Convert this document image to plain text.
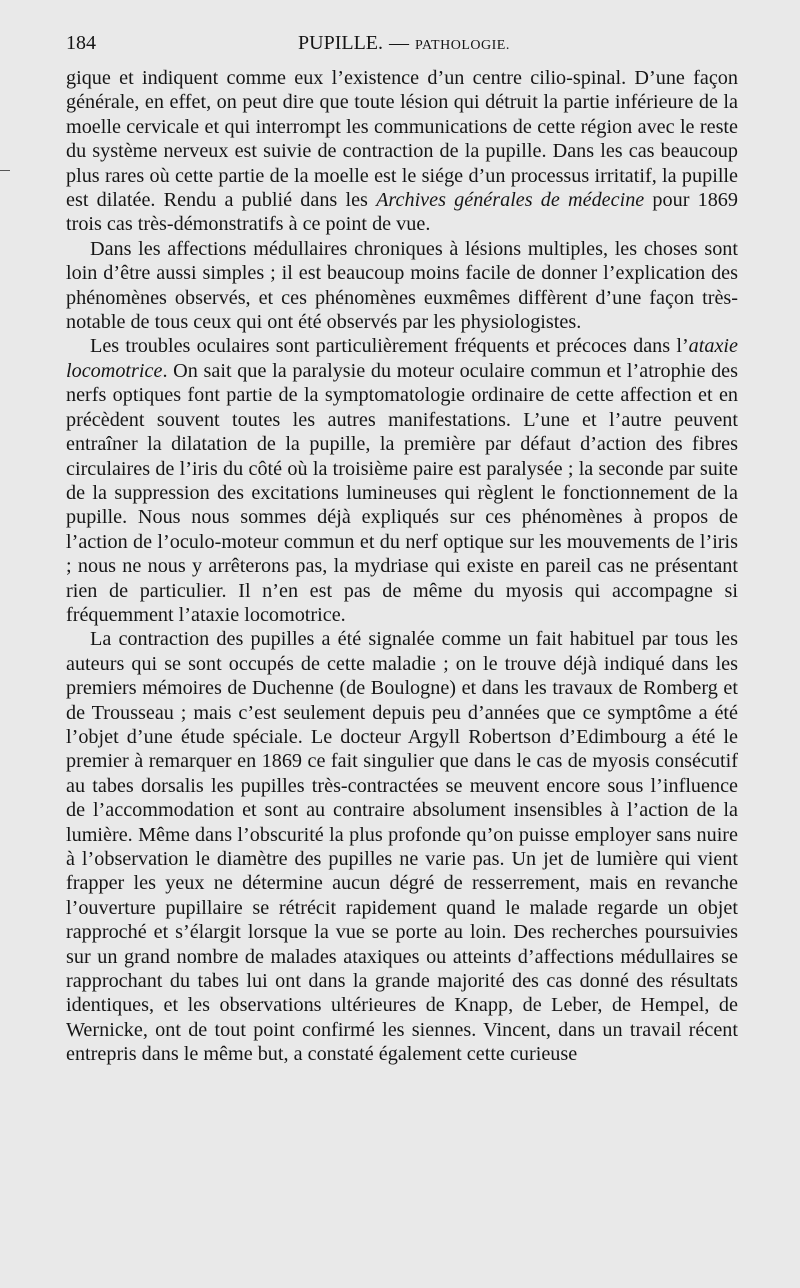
184	PUPILLE. — PATHOLOGIE.

gique et indiquent comme eux l’existence d’un centre cilio-spinal. D’une façon générale, en effet, on peut dire que toute lésion qui détruit la partie inférieure de la moelle cervicale et qui interrompt les communications de cette région avec le reste du système nerveux est suivie de contraction de la pupille. Dans les cas beaucoup plus rares où cette partie de la moelle est le siége d’un processus irritatif, la pupille est dilatée. Rendu a publié dans les Archives générales de médecine pour 1869 trois cas très-démonstratifs à ce point de vue.

Dans les affections médullaires chroniques à lésions multiples, les choses sont loin d’être aussi simples ; il est beaucoup moins facile de donner l’explication des phénomènes observés, et ces phénomènes euxmêmes diffèrent d’une façon très-notable de tous ceux qui ont été observés par les physiologistes.

Les troubles oculaires sont particulièrement fréquents et précoces dans l’ataxie locomotrice. On sait que la paralysie du moteur oculaire commun et l’atrophie des nerfs optiques font partie de la symptomatologie ordinaire de cette affection et en précèdent souvent toutes les autres manifestations. L’une et l’autre peuvent entraîner la dilatation de la pupille, la première par défaut d’action des fibres circulaires de l’iris du côté où la troisième paire est paralysée ; la seconde par suite de la suppression des excitations lumineuses qui règlent le fonctionnement de la pupille. Nous nous sommes déjà expliqués sur ces phénomènes à propos de l’action de l’oculo-moteur commun et du nerf optique sur les mouvements de l’iris ; nous ne nous y arrêterons pas, la mydriase qui existe en pareil cas ne présentant rien de particulier. Il n’en est pas de même du myosis qui accompagne si fréquemment l’ataxie locomotrice.

La contraction des pupilles a été signalée comme un fait habituel par tous les auteurs qui se sont occupés de cette maladie ; on le trouve déjà indiqué dans les premiers mémoires de Duchenne (de Boulogne) et dans les travaux de Romberg et de Trousseau ; mais c’est seulement depuis peu d’années que ce symptôme a été l’objet d’une étude spéciale. Le docteur Argyll Robertson d’Edimbourg a été le premier à remarquer en 1869 ce fait singulier que dans le cas de myosis consécutif au tabes dorsalis les pupilles très-contractées se meuvent encore sous l’influence de l’accommodation et sont au contraire absolument insensibles à l’action de la lumière. Même dans l’obscurité la plus profonde qu’on puisse employer sans nuire à l’observation le diamètre des pupilles ne varie pas. Un jet de lumière qui vient frapper les yeux ne détermine aucun dégré de resserrement, mais en revanche l’ouverture pupillaire se rétrécit rapidement quand le malade regarde un objet rapproché et s’élargit lorsque la vue se porte au loin. Des recherches poursuivies sur un grand nombre de malades ataxiques ou atteints d’affections médullaires se rapprochant du tabes lui ont dans la grande majorité des cas donné des résultats identiques, et les observations ultérieures de Knapp, de Leber, de Hempel, de Wernicke, ont de tout point confirmé les siennes. Vincent, dans un travail récent entrepris dans le même but, a constaté également cette curieuse
